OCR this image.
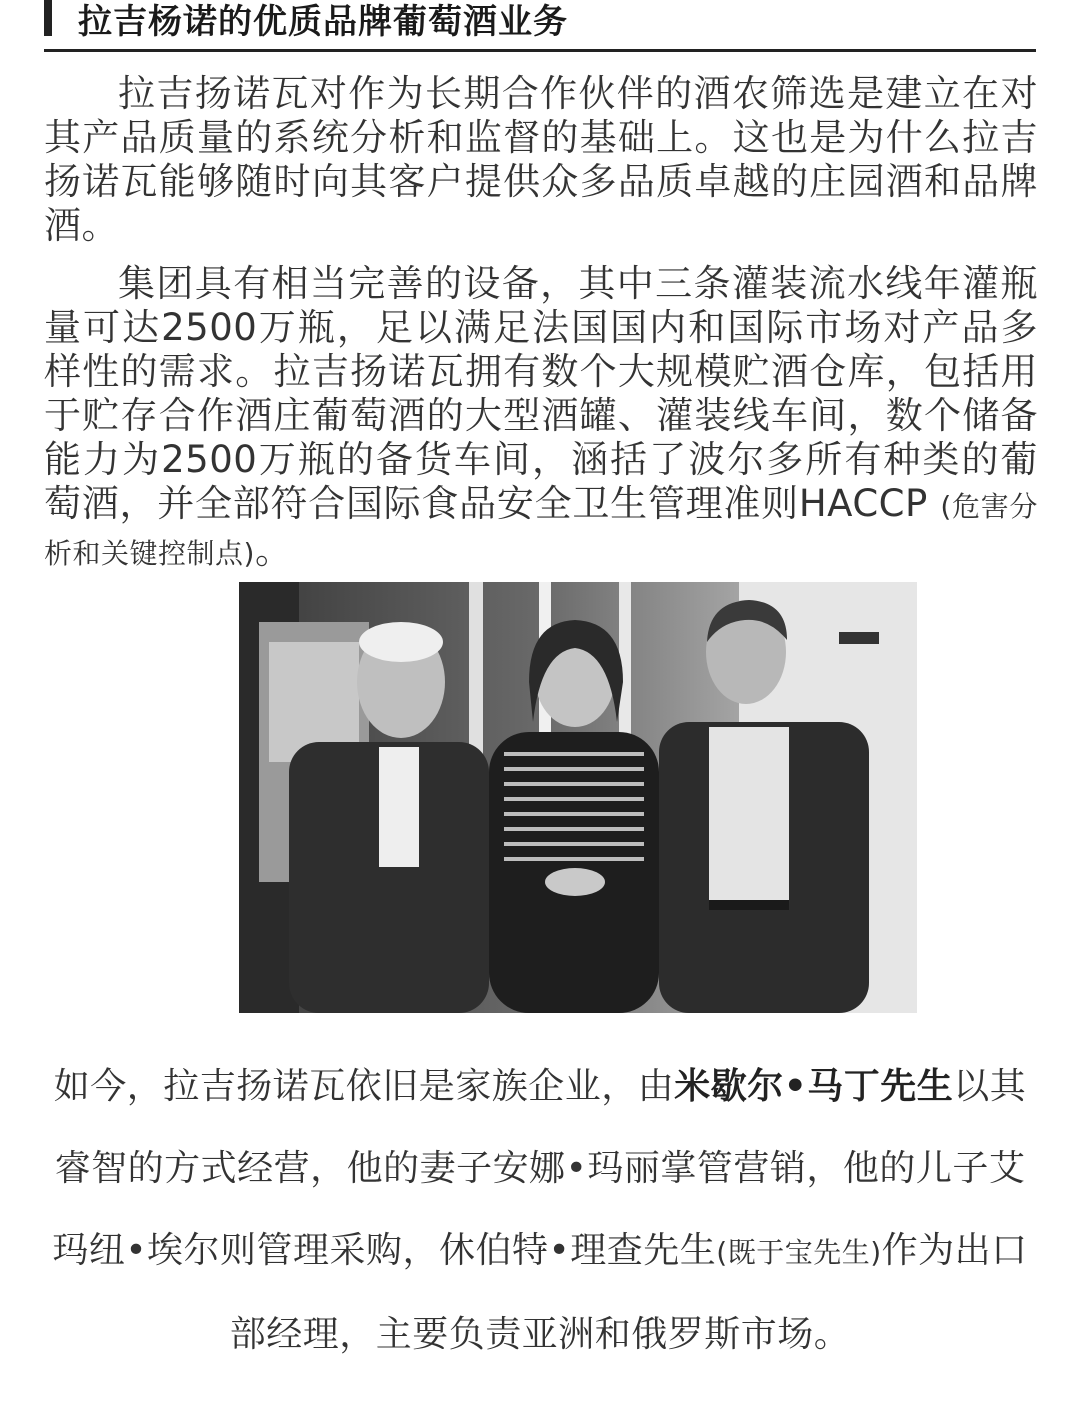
拉吉杨诺的优质品牌葡萄酒业务

拉吉扬诺瓦对作为长期合作伙伴的酒农筛选是建立在对其产品质量的系统分析和监督的基础上。这也是为什么拉吉扬诺瓦能够随时向其客户提供众多品质卓越的庄园酒和品牌酒。

集团具有相当完善的设备，其中三条灌装流水线年灌瓶量可达2500万瓶，足以满足法国国内和国际市场对产品多样性的需求。拉吉扬诺瓦拥有数个大规模贮酒仓库，包括用于贮存合作酒庄葡萄酒的大型酒罐、灌装线车间，数个储备能力为2500万瓶的备货车间，涵括了波尔多所有种类的葡萄酒，并全部符合国际食品安全卫生管理准则HACCP (危害分析和关键控制点)。

如今，拉吉扬诺瓦依旧是家族企业，由米歇尔•马丁先生以其睿智的方式经营，他的妻子安娜•玛丽掌管营销，他的儿子艾玛纽•埃尔则管理采购，休伯特•理查先生(既于宝先生)作为出口部经理，主要负责亚洲和俄罗斯市场。
